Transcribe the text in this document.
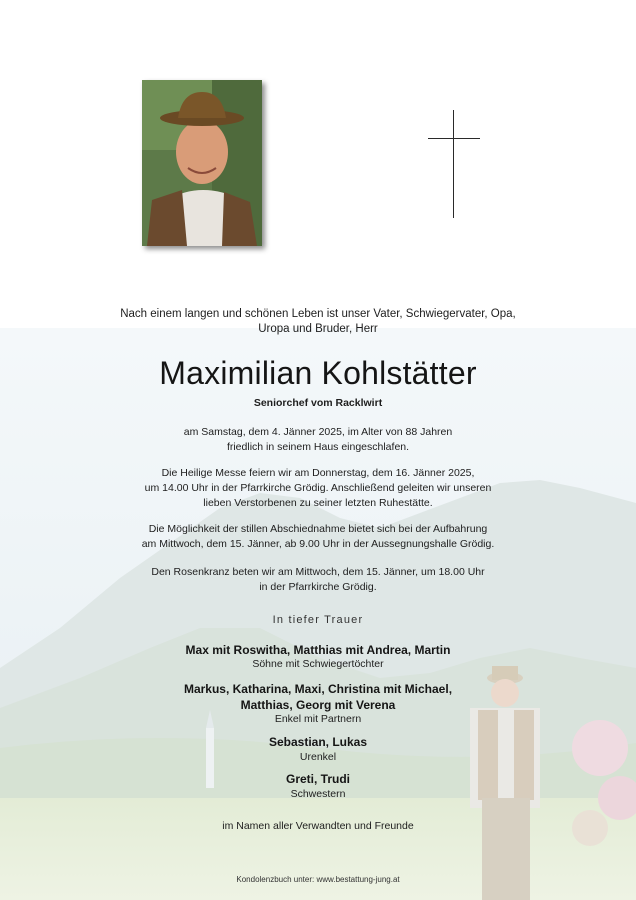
Nach einem langen und schönen Leben ist unser Vater, Schwiegervater, Opa,
Uropa und Bruder, Herr
Maximilian Kohlstätter
Seniorchef vom Racklwirt
am Samstag, dem 4. Jänner 2025, im Alter von 88 Jahren
friedlich in seinem Haus eingeschlafen.
Die Heilige Messe feiern wir am Donnerstag, dem 16. Jänner 2025,
um 14.00 Uhr in der Pfarrkirche Grödig. Anschließend geleiten wir unseren
lieben Verstorbenen zu seiner letzten Ruhestätte.
Die Möglichkeit der stillen Abschiednahme bietet sich bei der Aufbahrung
am Mittwoch, dem 15. Jänner, ab 9.00 Uhr in der Aussegnungshalle Grödig.
Den Rosenkranz beten wir am Mittwoch, dem 15. Jänner, um 18.00 Uhr
in der Pfarrkirche Grödig.
In tiefer Trauer
Max mit Roswitha, Matthias mit Andrea, Martin
Söhne mit Schwiegertöchter
Markus, Katharina, Maxi, Christina mit Michael,
Matthias, Georg mit Verena
Enkel mit Partnern
Sebastian, Lukas
Urenkel
Greti, Trudi
Schwestern
im Namen aller Verwandten und Freunde
Kondolenzbuch unter: www.bestattung-jung.at
